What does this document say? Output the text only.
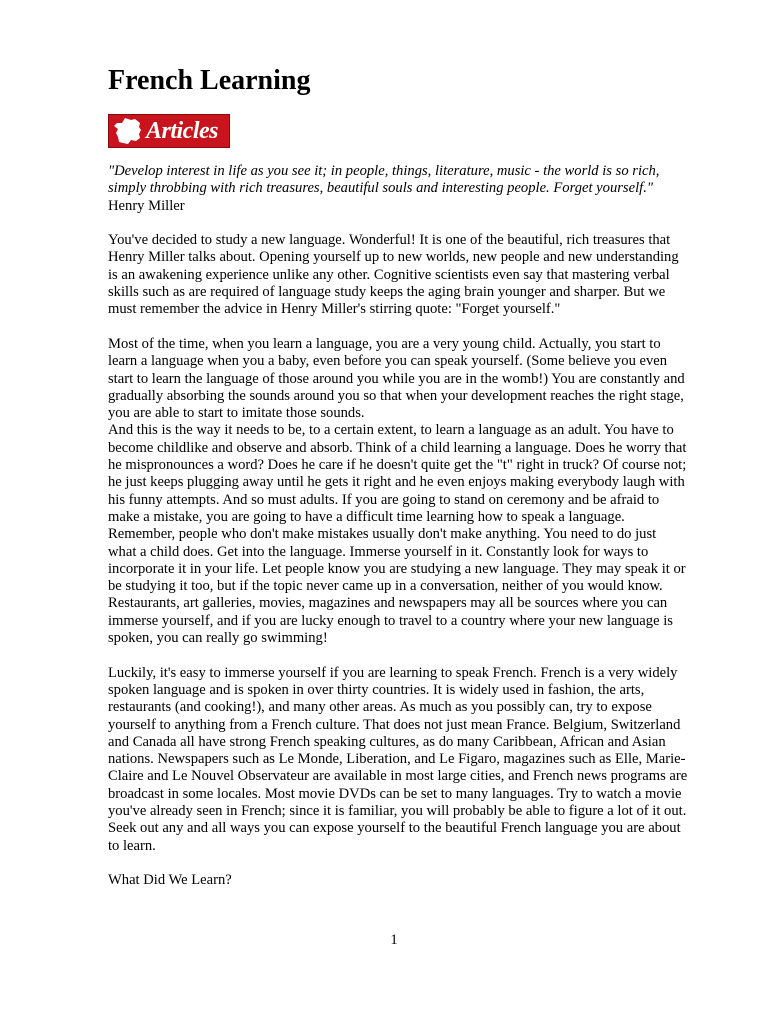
French Learning
Articles

"Develop interest in life as you see it; in people, things, literature, music - the world is so rich, simply throbbing with rich treasures, beautiful souls and interesting people. Forget yourself." Henry Miller

You've decided to study a new language. Wonderful! It is one of the beautiful, rich treasures that Henry Miller talks about. Opening yourself up to new worlds, new people and new understanding is an awakening experience unlike any other. Cognitive scientists even say that mastering verbal skills such as are required of language study keeps the aging brain younger and sharper. But we must remember the advice in Henry Miller's stirring quote: "Forget yourself."

Most of the time, when you learn a language, you are a very young child. Actually, you start to learn a language when you a baby, even before you can speak yourself. (Some believe you even start to learn the language of those around you while you are in the womb!) You are constantly and gradually absorbing the sounds around you so that when your development reaches the right stage, you are able to start to imitate those sounds.

And this is the way it needs to be, to a certain extent, to learn a language as an adult. You have to become childlike and observe and absorb. Think of a child learning a language. Does he worry that he mispronounces a word? Does he care if he doesn't quite get the "t" right in truck? Of course not; he just keeps plugging away until he gets it right and he even enjoys making everybody laugh with his funny attempts. And so must adults. If you are going to stand on ceremony and be afraid to make a mistake, you are going to have a difficult time learning how to speak a language. Remember, people who don't make mistakes usually don't make anything. You need to do just what a child does. Get into the language. Immerse yourself in it. Constantly look for ways to incorporate it in your life. Let people know you are studying a new language. They may speak it or be studying it too, but if the topic never came up in a conversation, neither of you would know. Restaurants, art galleries, movies, magazines and newspapers may all be sources where you can immerse yourself, and if you are lucky enough to travel to a country where your new language is spoken, you can really go swimming!

Luckily, it's easy to immerse yourself if you are learning to speak French. French is a very widely spoken language and is spoken in over thirty countries. It is widely used in fashion, the arts, restaurants (and cooking!), and many other areas. As much as you possibly can, try to expose yourself to anything from a French culture. That does not just mean France. Belgium, Switzerland and Canada all have strong French speaking cultures, as do many Caribbean, African and Asian nations. Newspapers such as Le Monde, Liberation, and Le Figaro, magazines such as Elle, Marie-Claire and Le Nouvel Observateur are available in most large cities, and French news programs are broadcast in some locales. Most movie DVDs can be set to many languages. Try to watch a movie you've already seen in French; since it is familiar, you will probably be able to figure a lot of it out. Seek out any and all ways you can expose yourself to the beautiful French language you are about to learn.

What Did We Learn?

1
